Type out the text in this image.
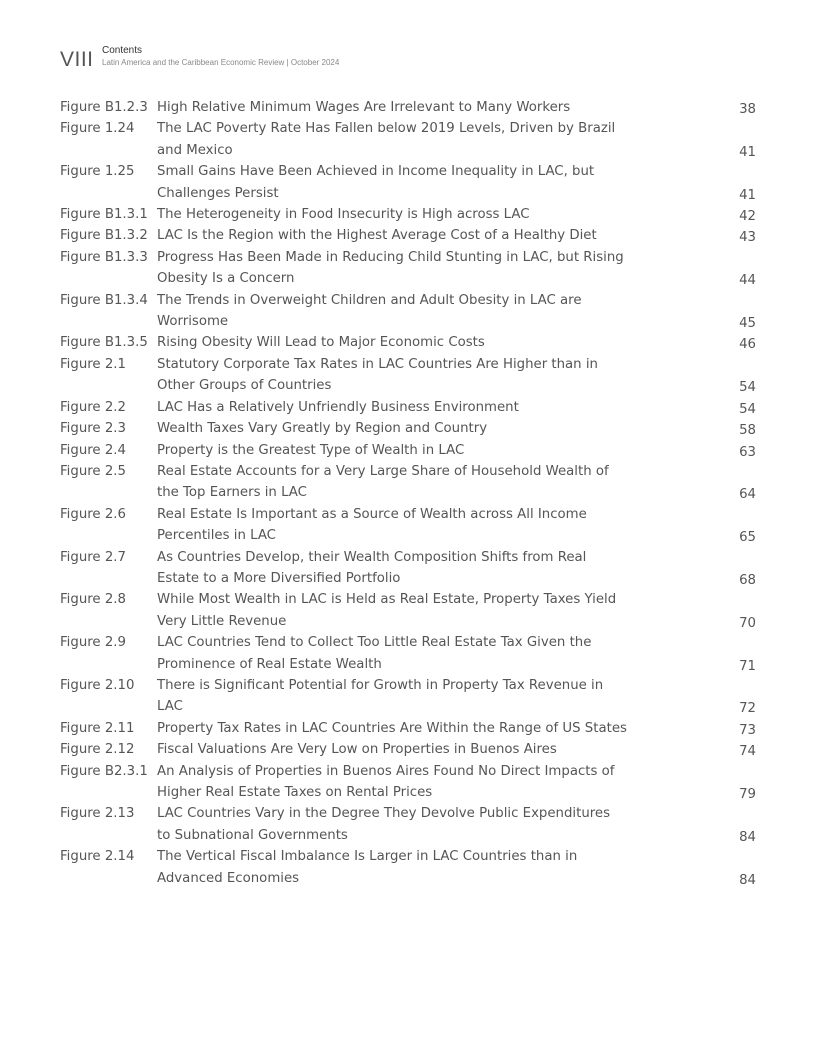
VIII Contents
Latin America and the Caribbean Economic Review | October 2024
Figure B1.2.3 High Relative Minimum Wages Are Irrelevant to Many Workers	38
Figure 1.24	The LAC Poverty Rate Has Fallen below 2019 Levels, Driven by Brazil and Mexico	41
Figure 1.25	Small Gains Have Been Achieved in Income Inequality in LAC, but Challenges Persist	41
Figure B1.3.1 The Heterogeneity in Food Insecurity is High across LAC	42
Figure B1.3.2 LAC Is the Region with the Highest Average Cost of a Healthy Diet	43
Figure B1.3.3 Progress Has Been Made in Reducing Child Stunting in LAC, but Rising Obesity Is a Concern	44
Figure B1.3.4 The Trends in Overweight Children and Adult Obesity in LAC are Worrisome	45
Figure B1.3.5 Rising Obesity Will Lead to Major Economic Costs	46
Figure 2.1	Statutory Corporate Tax Rates in LAC Countries Are Higher than in Other Groups of Countries	54
Figure 2.2	LAC Has a Relatively Unfriendly Business Environment	54
Figure 2.3	Wealth Taxes Vary Greatly by Region and Country	58
Figure 2.4	Property is the Greatest Type of Wealth in LAC	63
Figure 2.5	Real Estate Accounts for a Very Large Share of Household Wealth of the Top Earners in LAC	64
Figure 2.6	Real Estate Is Important as a Source of Wealth across All Income Percentiles in LAC	65
Figure 2.7	As Countries Develop, their Wealth Composition Shifts from Real Estate to a More Diversified Portfolio	68
Figure 2.8	While Most Wealth in LAC is Held as Real Estate, Property Taxes Yield Very Little Revenue	70
Figure 2.9	LAC Countries Tend to Collect Too Little Real Estate Tax Given the Prominence of Real Estate Wealth	71
Figure 2.10	There is Significant Potential for Growth in Property Tax Revenue in LAC	72
Figure 2.11	Property Tax Rates in LAC Countries Are Within the Range of US States	73
Figure 2.12	Fiscal Valuations Are Very Low on Properties in Buenos Aires	74
Figure B2.3.1 An Analysis of Properties in Buenos Aires Found No Direct Impacts of Higher Real Estate Taxes on Rental Prices	79
Figure 2.13	LAC Countries Vary in the Degree They Devolve Public Expenditures to Subnational Governments	84
Figure 2.14	The Vertical Fiscal Imbalance Is Larger in LAC Countries than in Advanced Economies	84
